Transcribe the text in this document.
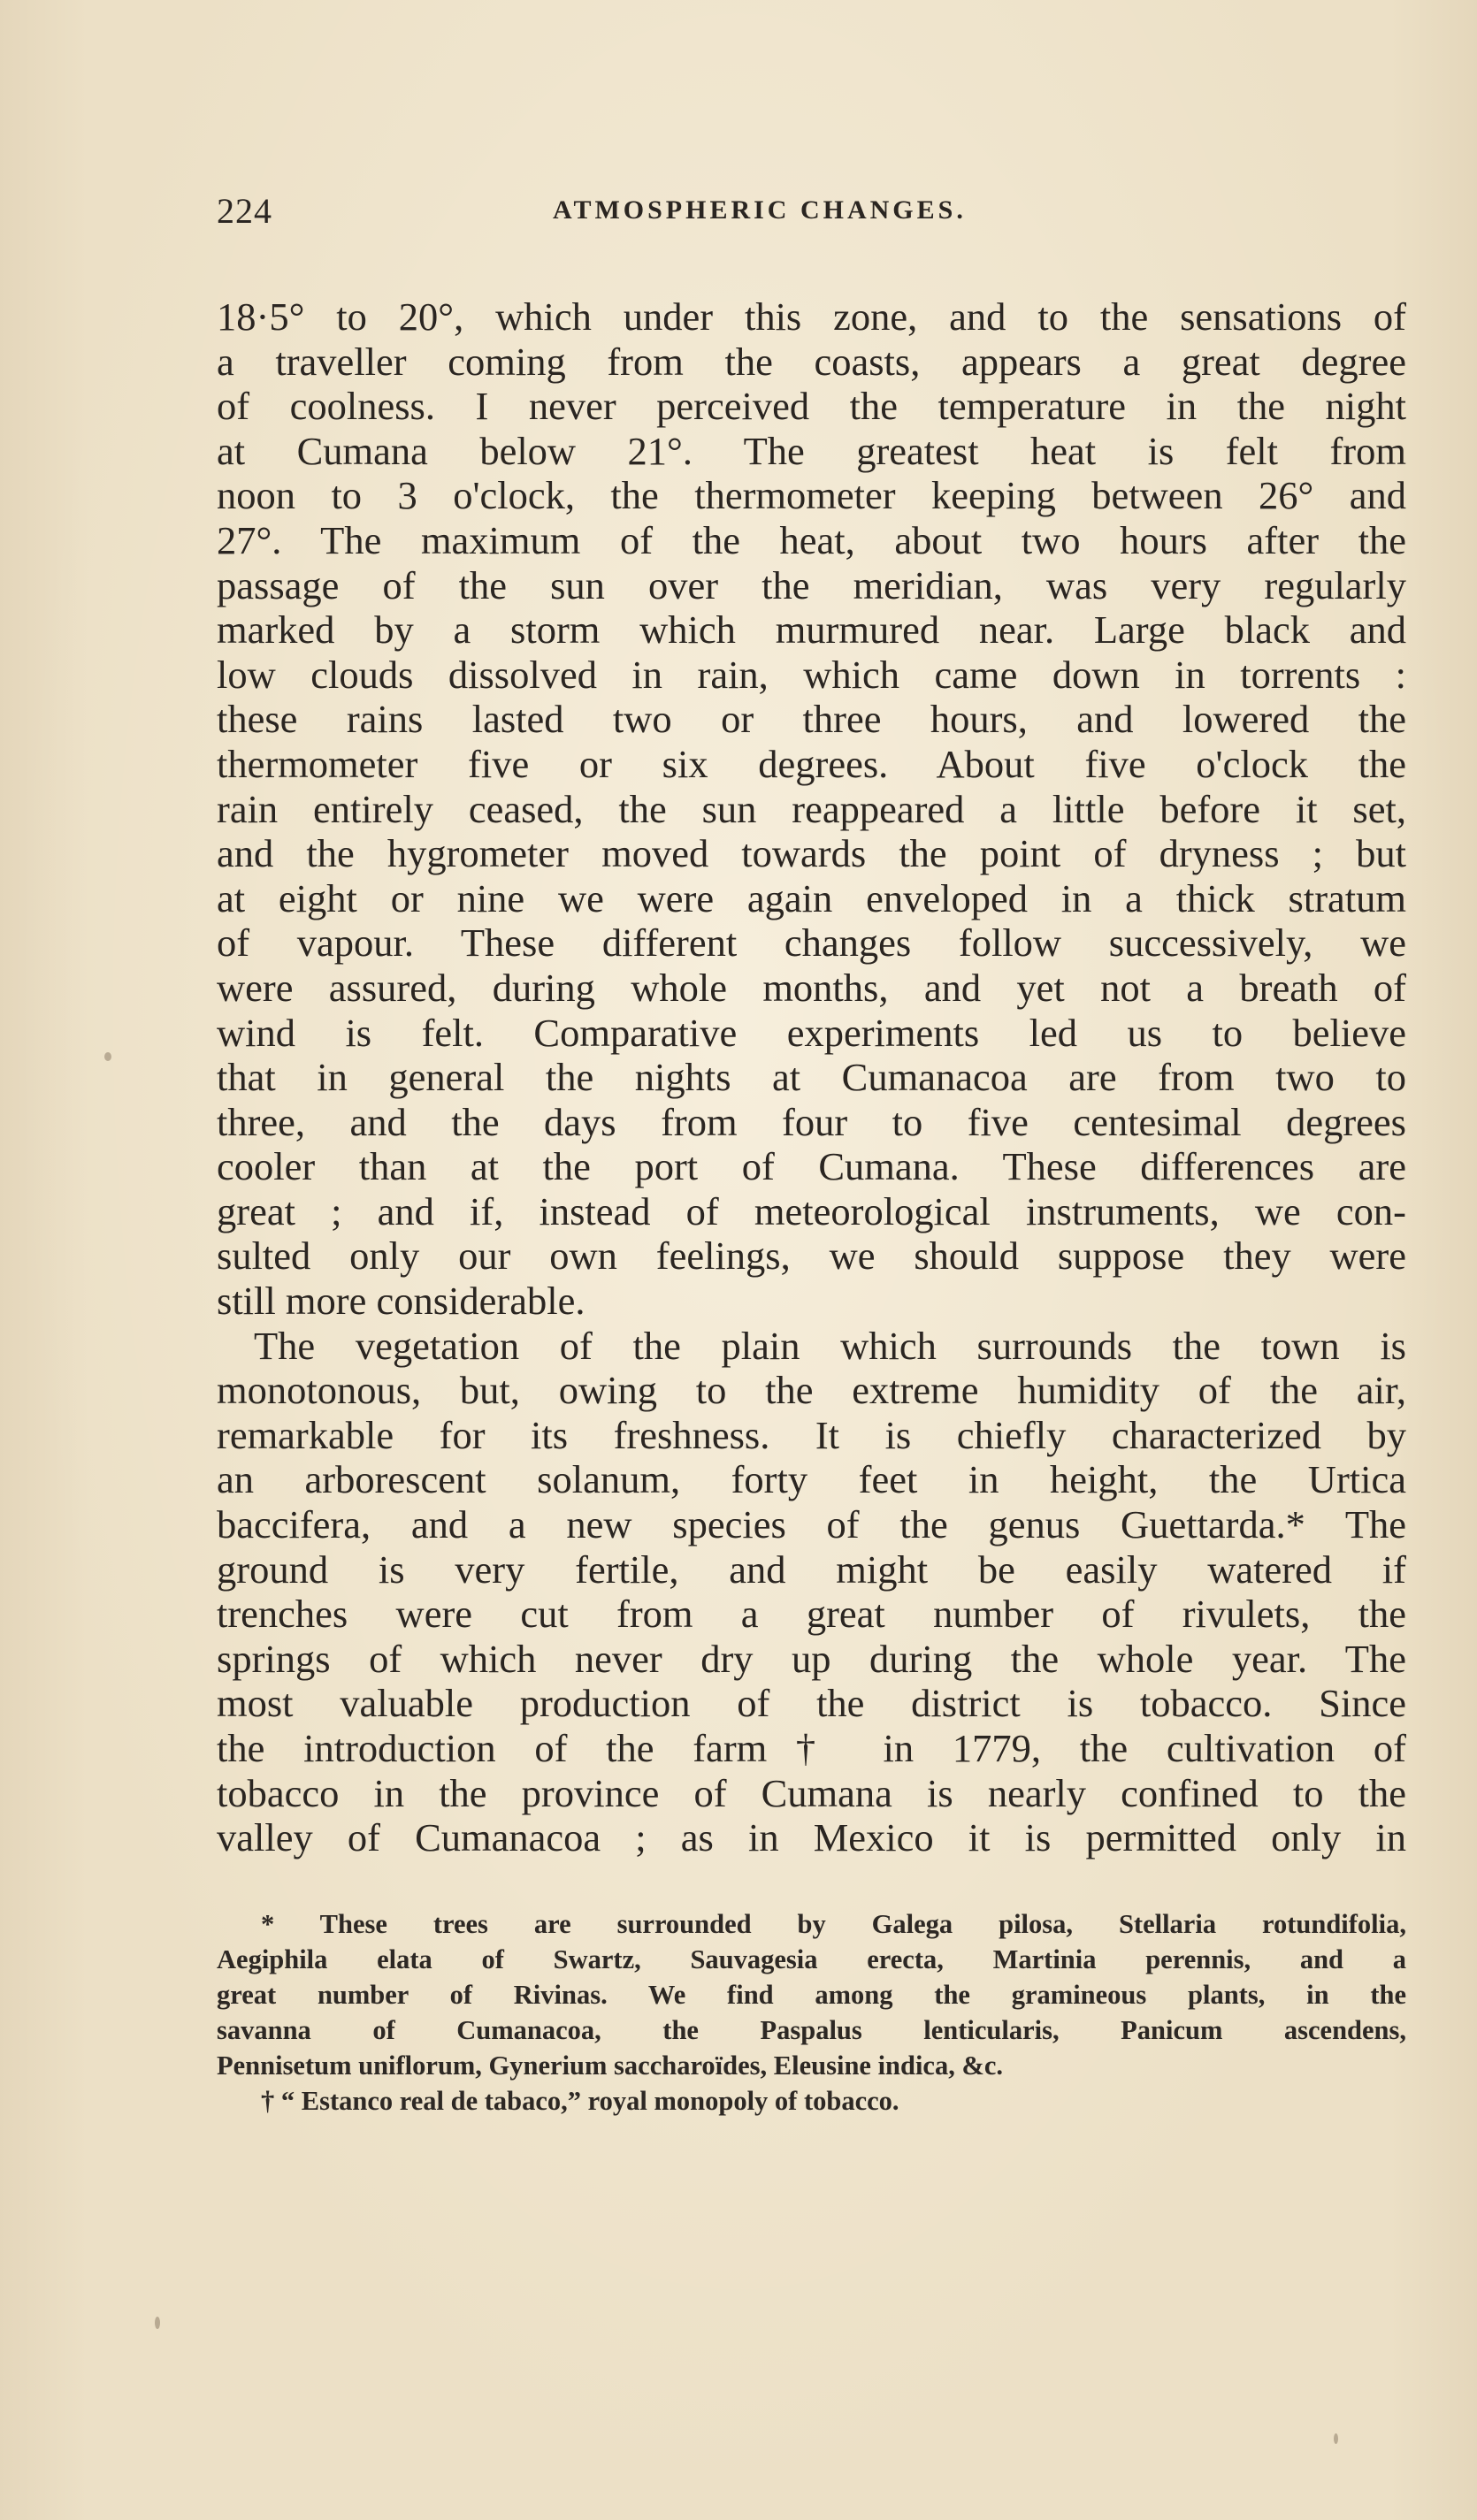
224	ATMOSPHERIC CHANGES.
18·5° to 20°, which under this zone, and to the sensations of
a traveller coming from the coasts, appears a great degree
of coolness. I never perceived the temperature in the night
at Cumana below 21°. The greatest heat is felt from
noon to 3 o'clock, the thermometer keeping between 26° and
27°. The maximum of the heat, about two hours after the
passage of the sun over the meridian, was very regularly
marked by a storm which murmured near. Large black and
low clouds dissolved in rain, which came down in torrents :
these rains lasted two or three hours, and lowered the
thermometer five or six degrees. About five o'clock the
rain entirely ceased, the sun reappeared a little before it set,
and the hygrometer moved towards the point of dryness ; but
at eight or nine we were again enveloped in a thick stratum
of vapour. These different changes follow successively, we
were assured, during whole months, and yet not a breath of
wind is felt. Comparative experiments led us to believe
that in general the nights at Cumanacoa are from two to
three, and the days from four to five centesimal degrees
cooler than at the port of Cumana. These differences are
great ; and if, instead of meteorological instruments, we con-
sulted only our own feelings, we should suppose they were
still more considerable.
The vegetation of the plain which surrounds the town is
monotonous, but, owing to the extreme humidity of the air,
remarkable for its freshness. It is chiefly characterized by
an arborescent solanum, forty feet in height, the Urtica
baccifera, and a new species of the genus Guettarda.* The
ground is very fertile, and might be easily watered if
trenches were cut from a great number of rivulets, the
springs of which never dry up during the whole year. The
most valuable production of the district is tobacco. Since
the introduction of the farm† in 1779, the cultivation of
tobacco in the province of Cumana is nearly confined to the
valley of Cumanacoa ; as in Mexico it is permitted only in
* These trees are surrounded by Galega pilosa, Stellaria rotundifolia,
Aegiphila elata of Swartz, Sauvagesia erecta, Martinia perennis, and a
great number of Rivinas. We find among the gramineous plants, in the
savanna of Cumanacoa, the Paspalus lenticularis, Panicum ascendens,
Pennisetum uniflorum, Gynerium saccharoïdes, Eleusine indica, &c.
† “ Estanco real de tabaco,” royal monopoly of tobacco.
